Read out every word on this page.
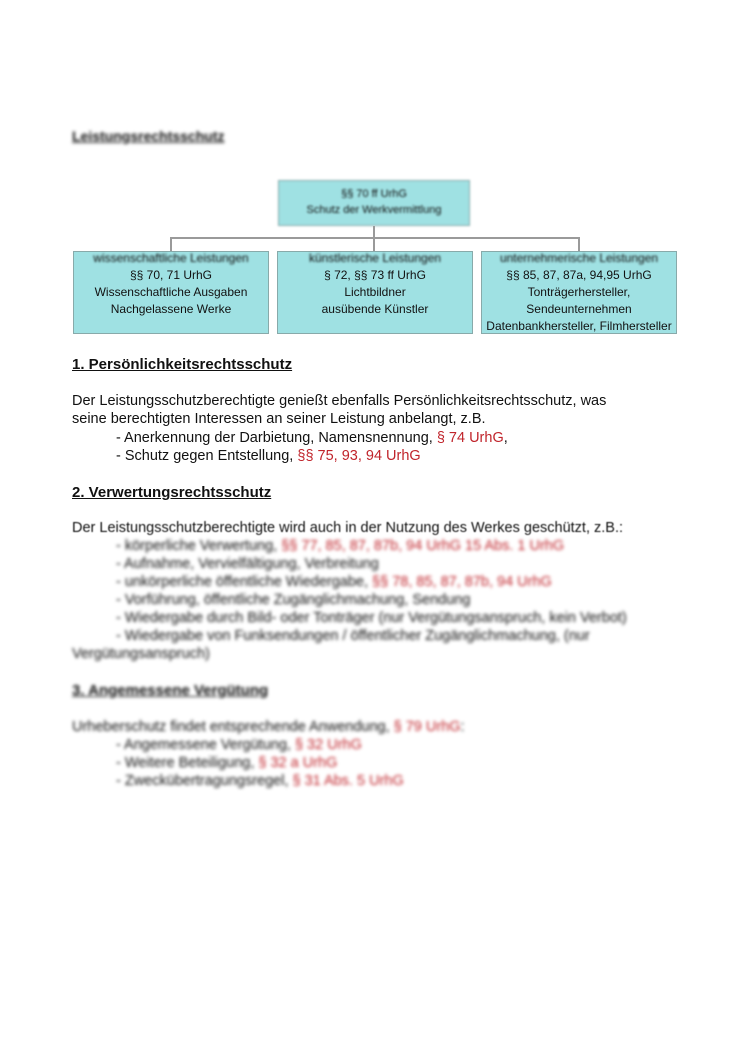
Leistungsrechtsschutz
§§ 70 ff UrhG
Schutz der Werkvermittlung
wissenschaftliche Leistungen
§§ 70, 71 UrhG
Wissenschaftliche Ausgaben
Nachgelassene Werke
künstlerische Leistungen
§ 72, §§ 73 ff UrhG
Lichtbildner
ausübende Künstler
unternehmerische Leistungen
§§ 85, 87, 87a, 94,95 UrhG
Tonträgerhersteller, Sendeunternehmen
Datenbankhersteller, Filmhersteller
1. Persönlichkeitsrechtsschutz
Der Leistungsschutzberechtigte genießt ebenfalls Persönlichkeitsrechtsschutz, was
seine berechtigten Interessen an seiner Leistung anbelangt, z.B.
- Anerkennung der Darbietung, Namensnennung, § 74 UrhG,
- Schutz gegen Entstellung, §§ 75, 93, 94 UrhG
2. Verwertungsrechtsschutz
Der Leistungsschutzberechtigte wird auch in der Nutzung des Werkes geschützt, z.B.:
- körperliche Verwertung, §§ 77, 85, 87, 87b, 94 UrhG 15 Abs. 1 UrhG
- Aufnahme, Vervielfältigung, Verbreitung
- unkörperliche öffentliche Wiedergabe, §§ 78, 85, 87, 87b, 94 UrhG
- Vorführung, öffentliche Zugänglichmachung, Sendung
- Wiedergabe durch Bild- oder Tonträger (nur Vergütungsanspruch, kein Verbot)
- Wiedergabe von Funksendungen / öffentlicher Zugänglichmachung, (nur
Vergütungsanspruch)
3. Angemessene Vergütung
Urheberschutz findet entsprechende Anwendung, § 79 UrhG:
- Angemessene Vergütung, § 32 UrhG
- Weitere Beteiligung, § 32 a UrhG
- Zweckübertragungsregel, § 31 Abs. 5 UrhG
